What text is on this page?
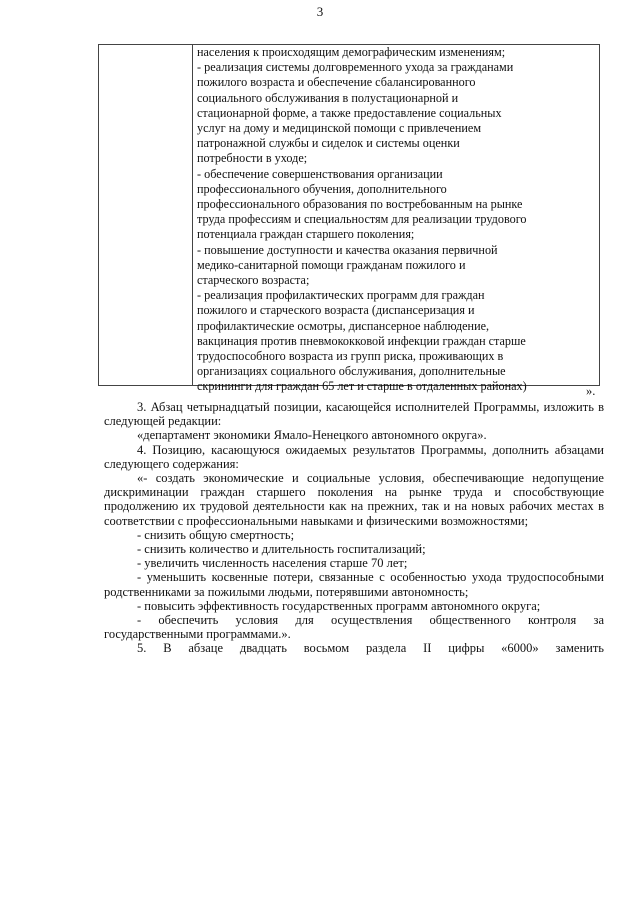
3
населения к происходящим демографическим изменениям;
- реализация системы долговременного ухода за гражданами
пожилого возраста и обеспечение сбалансированного
социального обслуживания в полустационарной и
стационарной форме, а также предоставление социальных
услуг на дому и медицинской помощи с привлечением
патронажной службы и сиделок и системы оценки
потребности в уходе;
- обеспечение совершенствования организации
профессионального обучения, дополнительного
профессионального образования по востребованным на рынке
труда профессиям и специальностям для реализации трудового
потенциала граждан старшего поколения;
- повышение доступности и качества оказания первичной
медико-санитарной помощи гражданам пожилого и
старческого возраста;
- реализация профилактических программ для граждан
пожилого и старческого возраста (диспансеризация и
профилактические осмотры, диспансерное наблюдение,
вакцинация против пневмококковой инфекции граждан старше
трудоспособного возраста из групп риска, проживающих в
организациях социального обслуживания, дополнительные
скрининги для граждан 65 лет и старше в отдаленных районах)	».

3. Абзац четырнадцатый позиции, касающейся исполнителей Программы, изложить в следующей редакции:

«департамент экономики Ямало-Ненецкого автономного округа».

4. Позицию, касающуюся ожидаемых результатов Программы, дополнить абзацами следующего содержания:

«- создать экономические и социальные условия, обеспечивающие недопущение дискриминации граждан старшего поколения на рынке труда и способствующие продолжению их трудовой деятельности как на прежних, так и на новых рабочих местах в соответствии с профессиональными навыками и физическими возможностями;

- снизить общую смертность;

- снизить количество и длительность госпитализаций;

- увеличить численность населения старше 70 лет;

- уменьшить косвенные потери, связанные с особенностью ухода трудоспособными родственниками за пожилыми людьми, потерявшими автономность;

- повысить эффективность государственных программ автономного округа;

- обеспечить условия для осуществления общественного контроля за государственными программами.».

5. В абзаце двадцать восьмом раздела II цифры «6000» заменить
